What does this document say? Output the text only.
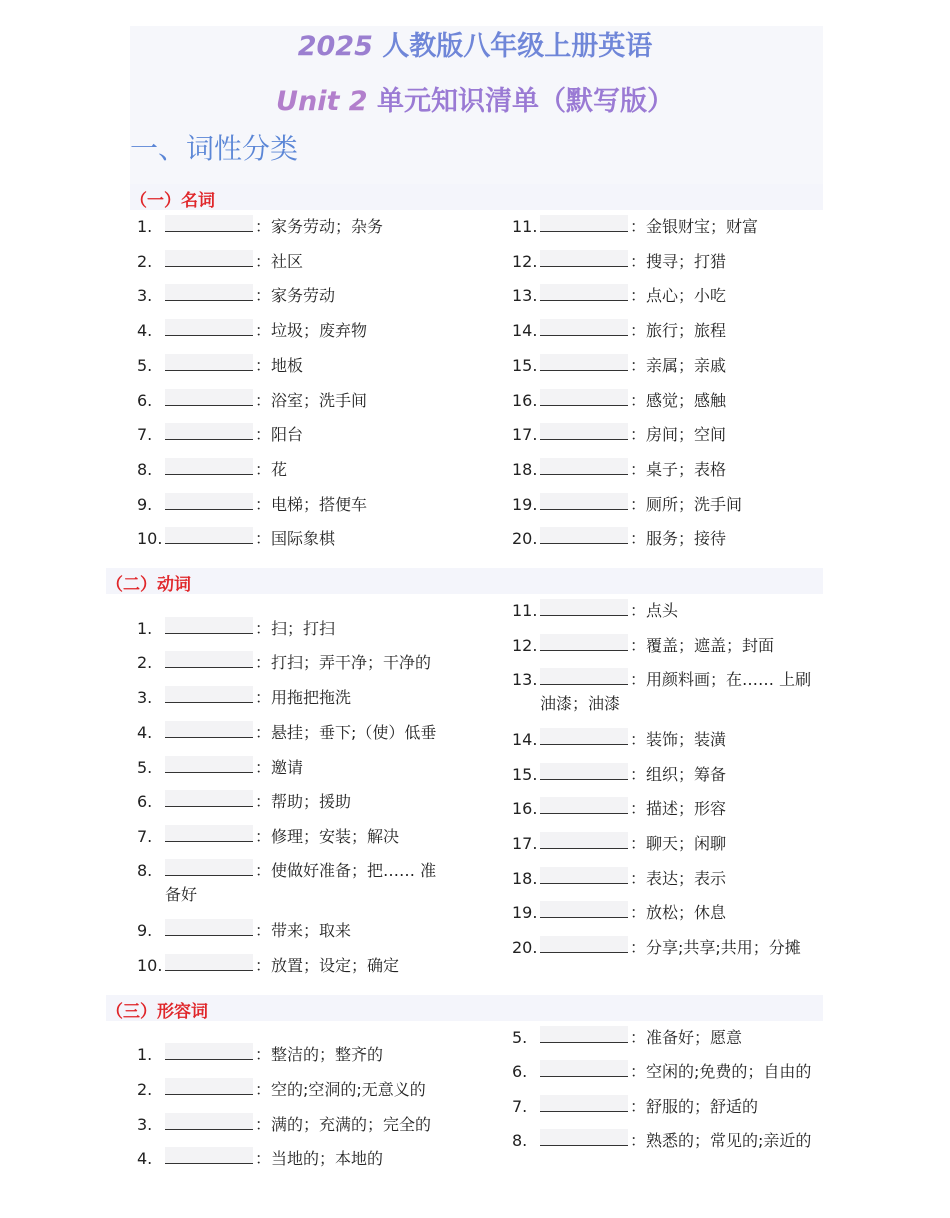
2025 人教版八年级上册英语
Unit 2 单元知识清单（默写版）
一、词性分类
（一）名词
（二）动词
（三）形容词
1.	：家务劳动；杂务
2.	：社区
3.	：家务劳动
4.	：垃圾；废弃物
5.	：地板
6.	：浴室；洗手间
7.	：阳台
8.	：花
9.	：电梯；搭便车
10.	：国际象棋
11.	：金银财宝；财富
12.	：搜寻；打猎
13.	：点心；小吃
14.	：旅行；旅程
15.	：亲属；亲戚
16.	：感觉；感触
17.	：房间；空间
18.	：桌子；表格
19.	：厕所；洗手间
20.	：服务；接待
1.	：扫；打扫
2.	：打扫；弄干净；干净的
3.	：用拖把拖洗
4.	：悬挂；垂下;（使）低垂
5.	：邀请
6.	：帮助；援助
7.	：修理；安装；解决
8.	：使做好准备；把…… 准
备好
9.	：带来；取来
10.	：放置；设定；确定
11.	：点头
12.	：覆盖；遮盖；封面
13.	：用颜料画；在…… 上刷
油漆；油漆
14.	：装饰；装潢
15.	：组织；筹备
16.	：描述；形容
17.	：聊天；闲聊
18.	：表达；表示
19.	：放松；休息
20.	：分享;共享;共用；分摊
1.	：整洁的；整齐的
2.	：空的;空洞的;无意义的
3.	：满的；充满的；完全的
4.	：当地的；本地的
5.	：准备好；愿意
6.	：空闲的;免费的；自由的
7.	：舒服的；舒适的
8.	：熟悉的；常见的;亲近的
